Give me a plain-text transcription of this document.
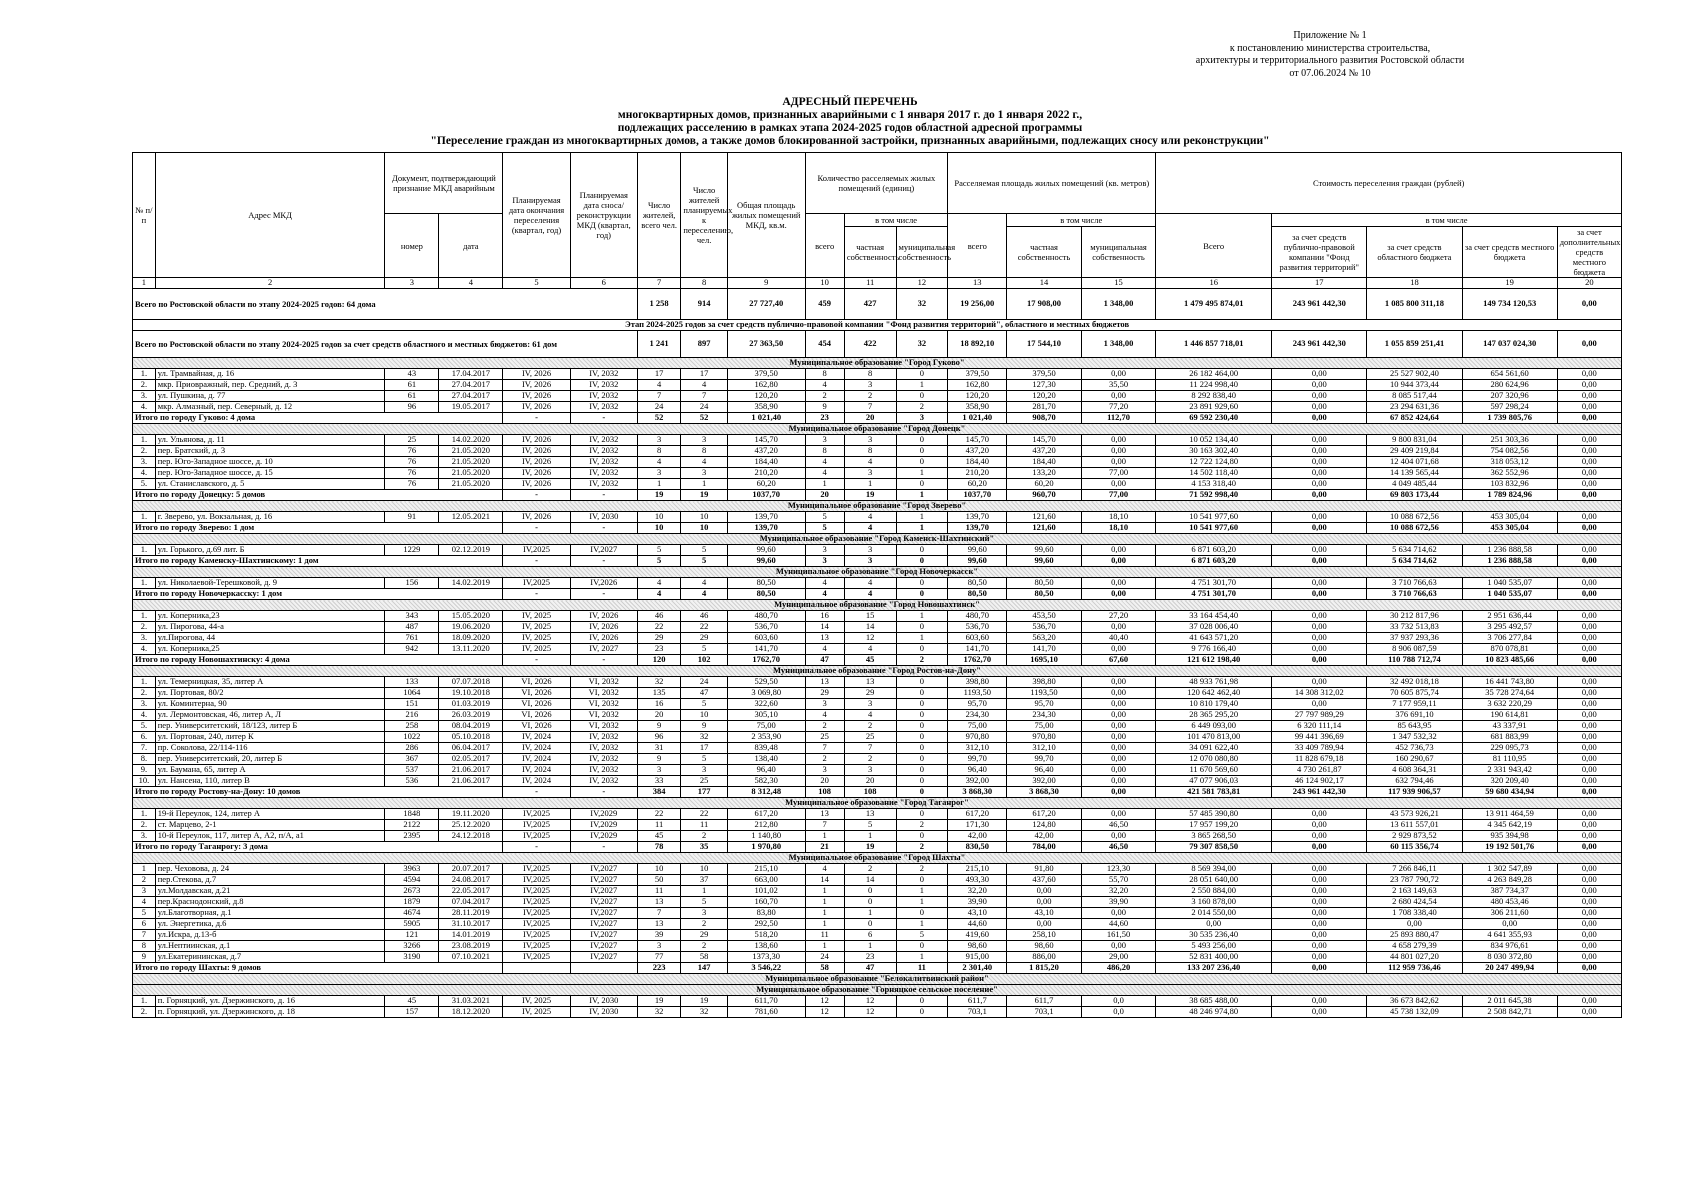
Приложение № 1
к постановлению министерства строительства,
архитектуры и территориального развития Ростовской области
от 07.06.2024 № 10
АДРЕСНЫЙ ПЕРЕЧЕНЬ
многоквартирных домов, признанных аварийными с 1 января 2017 г. до 1 января 2022 г.,
подлежащих расселению в рамках этапа 2024-2025 годов областной адресной программы
"Переселение граждан из многоквартирных домов, а также домов блокированной застройки, признанных аварийными, подлежащих сносу или реконструкции"
№ п/п	Адрес МКД	Документ, подтверждающий признание МКД аварийным		Планируемая дата окончания переселения (квартал, год)	Планируемая дата сноса/реконструкции МКД (квартал, год)	Число жителей, всего чел.	Число жителей планируемых к переселению, чел.	Общая площадь жилых помещений МКД, кв.м.	Количество расселяемых жилых помещений (единиц)			Расселяемая площадь жилых помещений (кв. метров)			Стоимость переселения граждан (рублей)				
		номер	дата						всего	в том числе		всего	в том числе		Всего	в том числе			
										частная собственность	муниципальная собственность		частная собственность	муниципальная собственность		за счет средств публично-правовой компании "Фонд развития территорий"	за счет средств областного бюджета	за счет средств местного бюджета	за счет дополнительных средств местного бюджета
1	2	3	4	5	6	7	8	9	10	11	12	13	14	15	16	17	18	19	20
Всего по Ростовской области по этапу 2024-2025 годов: 64 дома						1 258	914	27 727,40	459	427	32	19 256,00	17 908,00	1 348,00	1 479 495 874,01	243 961 442,30	1 085 800 311,18	149 734 120,53	0,00
Этап 2024-2025 годов за счет средств публично-правовой компании "Фонд развития территорий", областного и местных бюджетов																			
Всего по Ростовской области по этапу 2024-2025 годов за счет средств областного и местных бюджетов: 61 дом						1 241	897	27 363,50	454	422	32	18 892,10	17 544,10	1 348,00	1 446 857 718,01	243 961 442,30	1 055 859 251,41	147 037 024,30	0,00
Муниципальное образование "Город Гуково"																			
1.	ул. Трамвайная, д. 16	43	17.04.2017	IV, 2026	IV, 2032	17	17	379,50	8	8	0	379,50	379,50	0,00	26 182 464,00	0,00	25 527 902,40	654 561,60	0,00
2.	мкр. Приовражный, пер. Средний, д. 3	61	27.04.2017	IV, 2026	IV, 2032	4	4	162,80	4	3	1	162,80	127,30	35,50	11 224 998,40	0,00	10 944 373,44	280 624,96	0,00
3.	ул. Пушкина, д. 77	61	27.04.2017	IV, 2026	IV, 2032	7	7	120,20	2	2	0	120,20	120,20	0,00	8 292 838,40	0,00	8 085 517,44	207 320,96	0,00
4.	мкр. Алмазный, пер. Северный, д. 12	96	19.05.2017	IV, 2026	IV, 2032	24	24	358,90	9	7	2	358,90	281,70	77,20	23 891 929,60	0,00	23 294 631,36	597 298,24	0,00
Итого по городу Гуково: 4 дома				-	-	52	52	1 021,40	23	20	3	1 021,40	908,70	112,70	69 592 230,40	0,00	67 852 424,64	1 739 805,76	0,00
Муниципальное образование "Город Донецк"																			
1.	ул. Ульянова, д. 11	25	14.02.2020	IV, 2026	IV, 2032	3	3	145,70	3	3	0	145,70	145,70	0,00	10 052 134,40	0,00	9 800 831,04	251 303,36	0,00
2.	пер. Братский, д. 3	76	21.05.2020	IV, 2026	IV, 2032	8	8	437,20	8	8	0	437,20	437,20	0,00	30 163 302,40	0,00	29 409 219,84	754 082,56	0,00
3.	пер. Юго-Западное шоссе, д. 10	76	21.05.2020	IV, 2026	IV, 2032	4	4	184,40	4	4	0	184,40	184,40	0,00	12 722 124,80	0,00	12 404 071,68	318 053,12	0,00
4.	пер. Юго-Западное шоссе, д. 15	76	21.05.2020	IV, 2026	IV, 2032	3	3	210,20	4	3	1	210,20	133,20	77,00	14 502 118,40	0,00	14 139 565,44	362 552,96	0,00
5.	ул. Станиславского, д. 5	76	21.05.2020	IV, 2026	IV, 2032	1	1	60,20	1	1	0	60,20	60,20	0,00	4 153 318,40	0,00	4 049 485,44	103 832,96	0,00
Итого по городу Донецку: 5 домов				-	-	19	19	1037,70	20	19	1	1037,70	960,70	77,00	71 592 998,40	0,00	69 803 173,44	1 789 824,96	0,00
Муниципальное образование "Город Зверево"																			
1.	г. Зверево, ул. Вокзальная, д. 16	91	12.05.2021	IV, 2026	IV, 2030	10	10	139,70	5	4	1	139,70	121,60	18,10	10 541 977,60	0,00	10 088 672,56	453 305,04	0,00
Итого по городу Зверево: 1 дом				-	-	10	10	139,70	5	4	1	139,70	121,60	18,10	10 541 977,60	0,00	10 088 672,56	453 305,04	0,00
Муниципальное образование "Город Каменск-Шахтинский"																			
1.	ул. Горького, д.69 лит. Б	1229	02.12.2019	IV,2025	IV,2027	5	5	99,60	3	3	0	99,60	99,60	0,00	6 871 603,20	0,00	5 634 714,62	1 236 888,58	0,00
Итого по городу Каменску-Шахтинскому: 1 дом				-	-	5	5	99,60	3	3	0	99,60	99,60	0,00	6 871 603,20	0,00	5 634 714,62	1 236 888,58	0,00
Муниципальное образование "Город Новочеркасск"																			
1.	ул. Николаевой-Терешковой, д. 9	156	14.02.2019	IV,2025	IV,2026	4	4	80,50	4	4	0	80,50	80,50	0,00	4 751 301,70	0,00	3 710 766,63	1 040 535,07	0,00
Итого по городу Новочеркасску: 1 дом				-	-	4	4	80,50	4	4	0	80,50	80,50	0,00	4 751 301,70	0,00	3 710 766,63	1 040 535,07	0,00
Муниципальное образование "Город Новошахтинск"																			
1.	ул. Коперника,23	343	15.05.2020	IV, 2025	IV, 2026	46	46	480,70	16	15	1	480,70	453,50	27,20	33 164 454,40	0,00	30 212 817,96	2 951 636,44	0,00
2.	ул. Пирогова, 44-а	487	19.06.2020	IV, 2025	IV, 2026	22	22	536,70	14	14	0	536,70	536,70	0,00	37 028 006,40	0,00	33 732 513,83	3 295 492,57	0,00
3.	ул.Пирогова, 44	761	18.09.2020	IV, 2025	IV, 2026	29	29	603,60	13	12	1	603,60	563,20	40,40	41 643 571,20	0,00	37 937 293,36	3 706 277,84	0,00
4.	ул. Коперника,25	942	13.11.2020	IV, 2025	IV, 2027	23	5	141,70	4	4	0	141,70	141,70	0,00	9 776 166,40	0,00	8 906 087,59	870 078,81	0,00
Итого по городу Новошахтинску: 4 дома				-	-	120	102	1762,70	47	45	2	1762,70	1695,10	67,60	121 612 198,40	0,00	110 788 712,74	10 823 485,66	0,00
Муниципальное образование "Город Ростов-на-Дону"																			
1.	ул. Темерницкая, 35, литер А	133	07.07.2018	VI, 2026	VI, 2032	32	24	529,50	13	13	0	398,80	398,80	0,00	48 933 761,98	0,00	32 492 018,18	16 441 743,80	0,00
2.	ул. Портовая, 80/2	1064	19.10.2018	VI, 2026	VI, 2032	135	47	3 069,80	29	29	0	1193,50	1193,50	0,00	120 642 462,40	14 308 312,02	70 605 875,74	35 728 274,64	0,00
3.	ул. Коминтерна, 90	151	01.03.2019	VI, 2026	VI, 2032	16	5	322,60	3	3	0	95,70	95,70	0,00	10 810 179,40	0,00	7 177 959,11	3 632 220,29	0,00
4.	ул. Лермонтовская, 46, литер А, Л	216	26.03.2019	VI, 2026	VI, 2032	20	10	305,10	4	4	0	234,30	234,30	0,00	28 365 295,20	27 797 989,29	376 691,10	190 614,81	0,00
5.	пер. Университетский, 18/123, литер Б	258	08.04.2019	VI, 2026	VI, 2032	9	9	75,00	2	2	0	75,00	75,00	0,00	6 449 093,00	6 320 111,14	85 643,95	43 337,91	0,00
6.	ул. Портовая, 240, литер К	1022	05.10.2018	IV, 2024	IV, 2032	96	32	2 353,90	25	25	0	970,80	970,80	0,00	101 470 813,00	99 441 396,69	1 347 532,32	681 883,99	0,00
7.	пр. Соколова, 22/114-116	286	06.04.2017	IV, 2024	IV, 2032	31	17	839,48	7	7	0	312,10	312,10	0,00	34 091 622,40	33 409 789,94	452 736,73	229 095,73	0,00
8.	пер. Университетский, 20, литер Б	367	02.05.2017	IV, 2024	IV, 2032	9	5	138,40	2	2	0	99,70	99,70	0,00	12 070 080,80	11 828 679,18	160 290,67	81 110,95	0,00
9.	ул. Баумана, 65, литер А	537	21.06.2017	IV, 2024	IV, 2032	3	3	96,40	3	3	0	96,40	96,40	0,00	11 670 569,60	4 730 261,87	4 608 364,31	2 331 943,42	0,00
10.	ул. Нансена, 110, литер В	536	21.06.2017	IV, 2024	IV, 2032	33	25	582,30	20	20	0	392,00	392,00	0,00	47 077 906,03	46 124 902,17	632 794,46	320 209,40	0,00
Итого по городу Ростову-на-Дону: 10 домов				-	-	384	177	8 312,48	108	108	0	3 868,30	3 868,30	0,00	421 581 783,81	243 961 442,30	117 939 906,57	59 680 434,94	0,00
Муниципальное образование "Город Таганрог"																			
1.	19-й Переулок, 124, литер А	1848	19.11.2020	IV,2025	IV,2029	22	22	617,20	13	13	0	617,20	617,20	0,00	57 485 390,80	0,00	43 573 926,21	13 911 464,59	0,00
2.	ст. Марцево, 2-1	2122	25.12.2020	IV,2025	IV,2029	11	11	212,80	7	5	2	171,30	124,80	46,50	17 957 199,20	0,00	13 611 557,01	4 345 642,19	0,00
3.	10-й Переулок, 117, литер А, А2, п/А, а1	2395	24.12.2018	IV,2025	IV,2029	45	2	1 140,80	1	1	0	42,00	42,00	0,00	3 865 268,50	0,00	2 929 873,52	935 394,98	0,00
Итого по городу Таганрогу: 3 дома				-	-	78	35	1 970,80	21	19	2	830,50	784,00	46,50	79 307 858,50	0,00	60 115 356,74	19 192 501,76	0,00
Муниципальное образование "Город Шахты"																			
1	пер. Чеховова, д. 24	3963	20.07.2017	IV,2025	IV,2027	10	10	215,10	4	2	2	215,10	91,80	123,30	8 569 394,00	0,00	7 266 846,11	1 302 547,89	0,00
2	пер.Стекова, д.7	4594	24.08.2017	IV,2025	IV,2027	50	37	663,00	14	14	0	493,30	437,60	55,70	28 051 640,00	0,00	23 787 790,72	4 263 849,28	0,00
3	ул.Молдавская, д.21	2673	22.05.2017	IV,2025	IV,2027	11	1	101,02	1	0	1	32,20	0,00	32,20	2 550 884,00	0,00	2 163 149,63	387 734,37	0,00
4	пер.Краснодонский, д.8	1879	07.04.2017	IV,2025	IV,2027	13	5	160,70	1	0	1	39,90	0,00	39,90	3 160 878,00	0,00	2 680 424,54	480 453,46	0,00
5	ул.Благотворная, д.1	4674	28.11.2019	IV,2025	IV,2027	7	3	83,80	1	1	0	43,10	43,10	0,00	2 014 550,00	0,00	1 708 338,40	306 211,60	0,00
6	ул. Энергетика, д.6	5905	31.10.2017	IV,2025	IV,2027	13	2	292,50	1	0	1	44,60	0,00	44,60	0,00	0,00	0,00	0,00	0,00
7	ул.Искра, д.13-б	121	14.01.2019	IV,2025	IV,2027	39	29	518,20	11	6	5	419,60	258,10	161,50	30 535 236,40	0,00	25 893 880,47	4 641 355,93	0,00
8	ул.Нептиинская, д.1	3266	23.08.2019	IV,2025	IV,2027	3	2	138,60	1	1	0	98,60	98,60	0,00	5 493 256,00	0,00	4 658 279,39	834 976,61	0,00
9	ул.Екатерининская, д.7	3190	07.10.2021	IV,2025	IV,2027	77	58	1373,30	24	23	1	915,00	886,00	29,00	52 831 400,00	0,00	44 801 027,20	8 030 372,80	0,00
Итого по городу Шахты: 9 домов						223	147	3 546,22	58	47	11	2 301,40	1 815,20	486,20	133 207 236,40	0,00	112 959 736,46	20 247 499,94	0,00
Муниципальное образование "Белокалитвинский район"																			
Муниципальное образование "Горняцкое сельское поселение"																			
1.	п. Горняцкий, ул. Дзержинского, д. 16	45	31.03.2021	IV, 2025	IV, 2030	19	19	611,70	12	12	0	611,7	611,7	0,0	38 685 488,00	0,00	36 673 842,62	2 011 645,38	0,00
2.	п. Горняцкий, ул. Дзержинского, д. 18	157	18.12.2020	IV, 2025	IV, 2030	32	32	781,60	12	12	0	703,1	703,1	0,0	48 246 974,80	0,00	45 738 132,09	2 508 842,71	0,00
